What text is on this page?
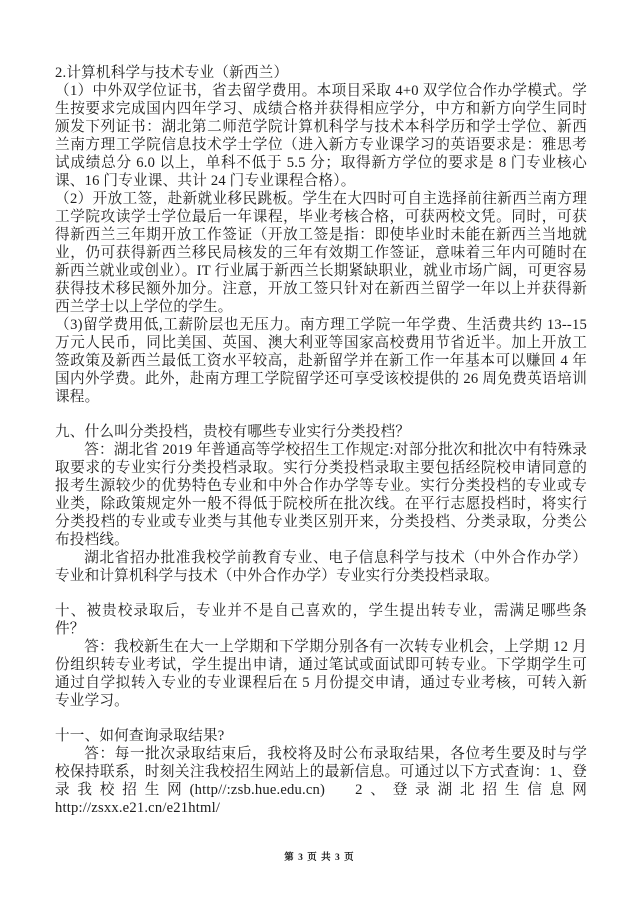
2.计算机科学与技术专业（新西兰）

（1）中外双学位证书，省去留学费用。本项目采取 4+0 双学位合作办学模式。学生按要求完成国内四年学习、成绩合格并获得相应学分，中方和新方向学生同时颁发下列证书：湖北第二师范学院计算机科学与技术本科学历和学士学位、新西兰南方理工学院信息技术学士学位（进入新方专业课学习的英语要求是：雅思考试成绩总分 6.0 以上，单科不低于 5.5 分；取得新方学位的要求是 8 门专业核心课、16 门专业课、共计 24 门专业课程合格）。

（2）开放工签，赴新就业移民跳板。学生在大四时可自主选择前往新西兰南方理工学院攻读学士学位最后一年课程，毕业考核合格，可获两校文凭。同时，可获得新西兰三年期开放工作签证（开放工签是指：即使毕业时未能在新西兰当地就业，仍可获得新西兰移民局核发的三年有效期工作签证，意味着三年内可随时在新西兰就业或创业）。IT 行业属于新西兰长期紧缺职业，就业市场广阔，可更容易获得技术移民额外加分。注意，开放工签只针对在新西兰留学一年以上并获得新西兰学士以上学位的学生。

（3)留学费用低,工薪阶层也无压力。南方理工学院一年学费、生活费共约 13--15 万元人民币，同比美国、英国、澳大利亚等国家高校费用节省近半。加上开放工签政策及新西兰最低工资水平较高，赴新留学并在新工作一年基本可以赚回 4 年国内外学费。此外，赴南方理工学院留学还可享受该校提供的 26 周免费英语培训课程。

九、什么叫分类投档，贵校有哪些专业实行分类投档？

答：湖北省 2019 年普通高等学校招生工作规定:对部分批次和批次中有特殊录取要求的专业实行分类投档录取。实行分类投档录取主要包括经院校申请同意的报考生源较少的优势特色专业和中外合作办学等专业。实行分类投档的专业或专业类，除政策规定外一般不得低于院校所在批次线。在平行志愿投档时，将实行分类投档的专业或专业类与其他专业类区别开来，分类投档、分类录取，分类公布投档线。

湖北省招办批准我校学前教育专业、电子信息科学与技术（中外合作办学）专业和计算机科学与技术（中外合作办学）专业实行分类投档录取。

十、被贵校录取后，专业并不是自己喜欢的，学生提出转专业，需满足哪些条件？

答：我校新生在大一上学期和下学期分别各有一次转专业机会，上学期 12 月份组织转专业考试，学生提出申请，通过笔试或面试即可转专业。下学期学生可通过自学拟转入专业的专业课程后在 5 月份提交申请，通过专业考核，可转入新专业学习。

十一、如何查询录取结果?

答：每一批次录取结束后，我校将及时公布录取结果，各位考生要及时与学校保持联系，时刻关注我校招生网站上的最新信息。可通过以下方式查询：1、登录我校招生网(http//:zsb.hue.edu.cn)　2、登录湖北招生信息网http://zsxx.e21.cn/e21html/

第 3 页 共 3 页
